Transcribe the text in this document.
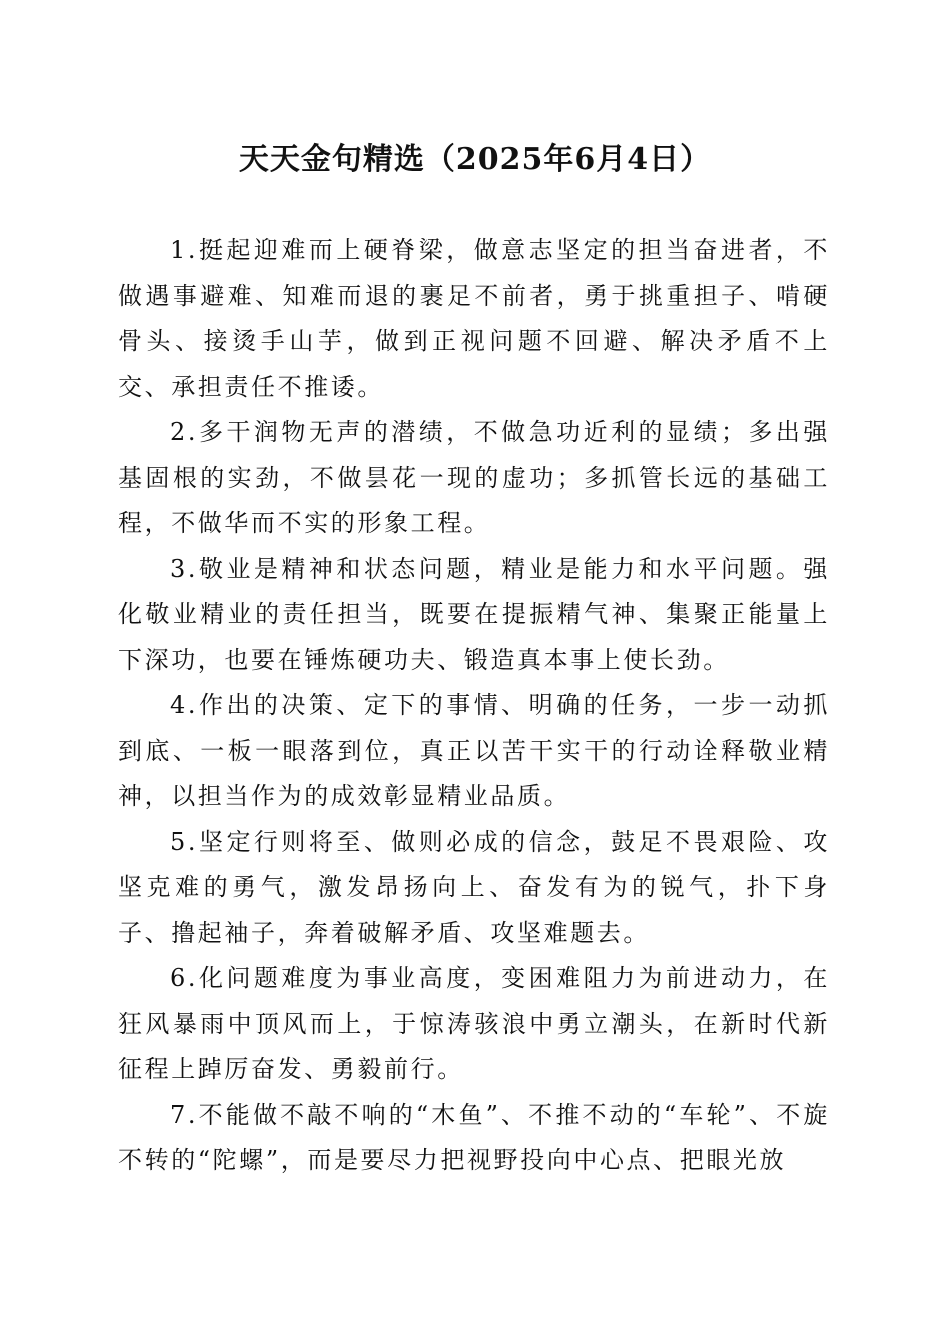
天天金句精选（2025年6月4日）

1.挺起迎难而上硬脊梁，做意志坚定的担当奋进者，不做遇事避难、知难而退的裹足不前者，勇于挑重担子、啃硬骨头、接烫手山芋，做到正视问题不回避、解决矛盾不上交、承担责任不推诿。

2.多干润物无声的潜绩，不做急功近利的显绩；多出强基固根的实劲，不做昙花一现的虚功；多抓管长远的基础工程，不做华而不实的形象工程。

3.敬业是精神和状态问题，精业是能力和水平问题。强化敬业精业的责任担当，既要在提振精气神、集聚正能量上下深功，也要在锤炼硬功夫、锻造真本事上使长劲。

4.作出的决策、定下的事情、明确的任务，一步一动抓到底、一板一眼落到位，真正以苦干实干的行动诠释敬业精神，以担当作为的成效彰显精业品质。

5.坚定行则将至、做则必成的信念，鼓足不畏艰险、攻坚克难的勇气，激发昂扬向上、奋发有为的锐气，扑下身子、撸起袖子，奔着破解矛盾、攻坚难题去。

6.化问题难度为事业高度，变困难阻力为前进动力，在狂风暴雨中顶风而上，于惊涛骇浪中勇立潮头，在新时代新征程上踔厉奋发、勇毅前行。

7.不能做不敲不响的“木鱼”、不推不动的“车轮”、不旋不转的“陀螺”，而是要尽力把视野投向中心点、把眼光放
